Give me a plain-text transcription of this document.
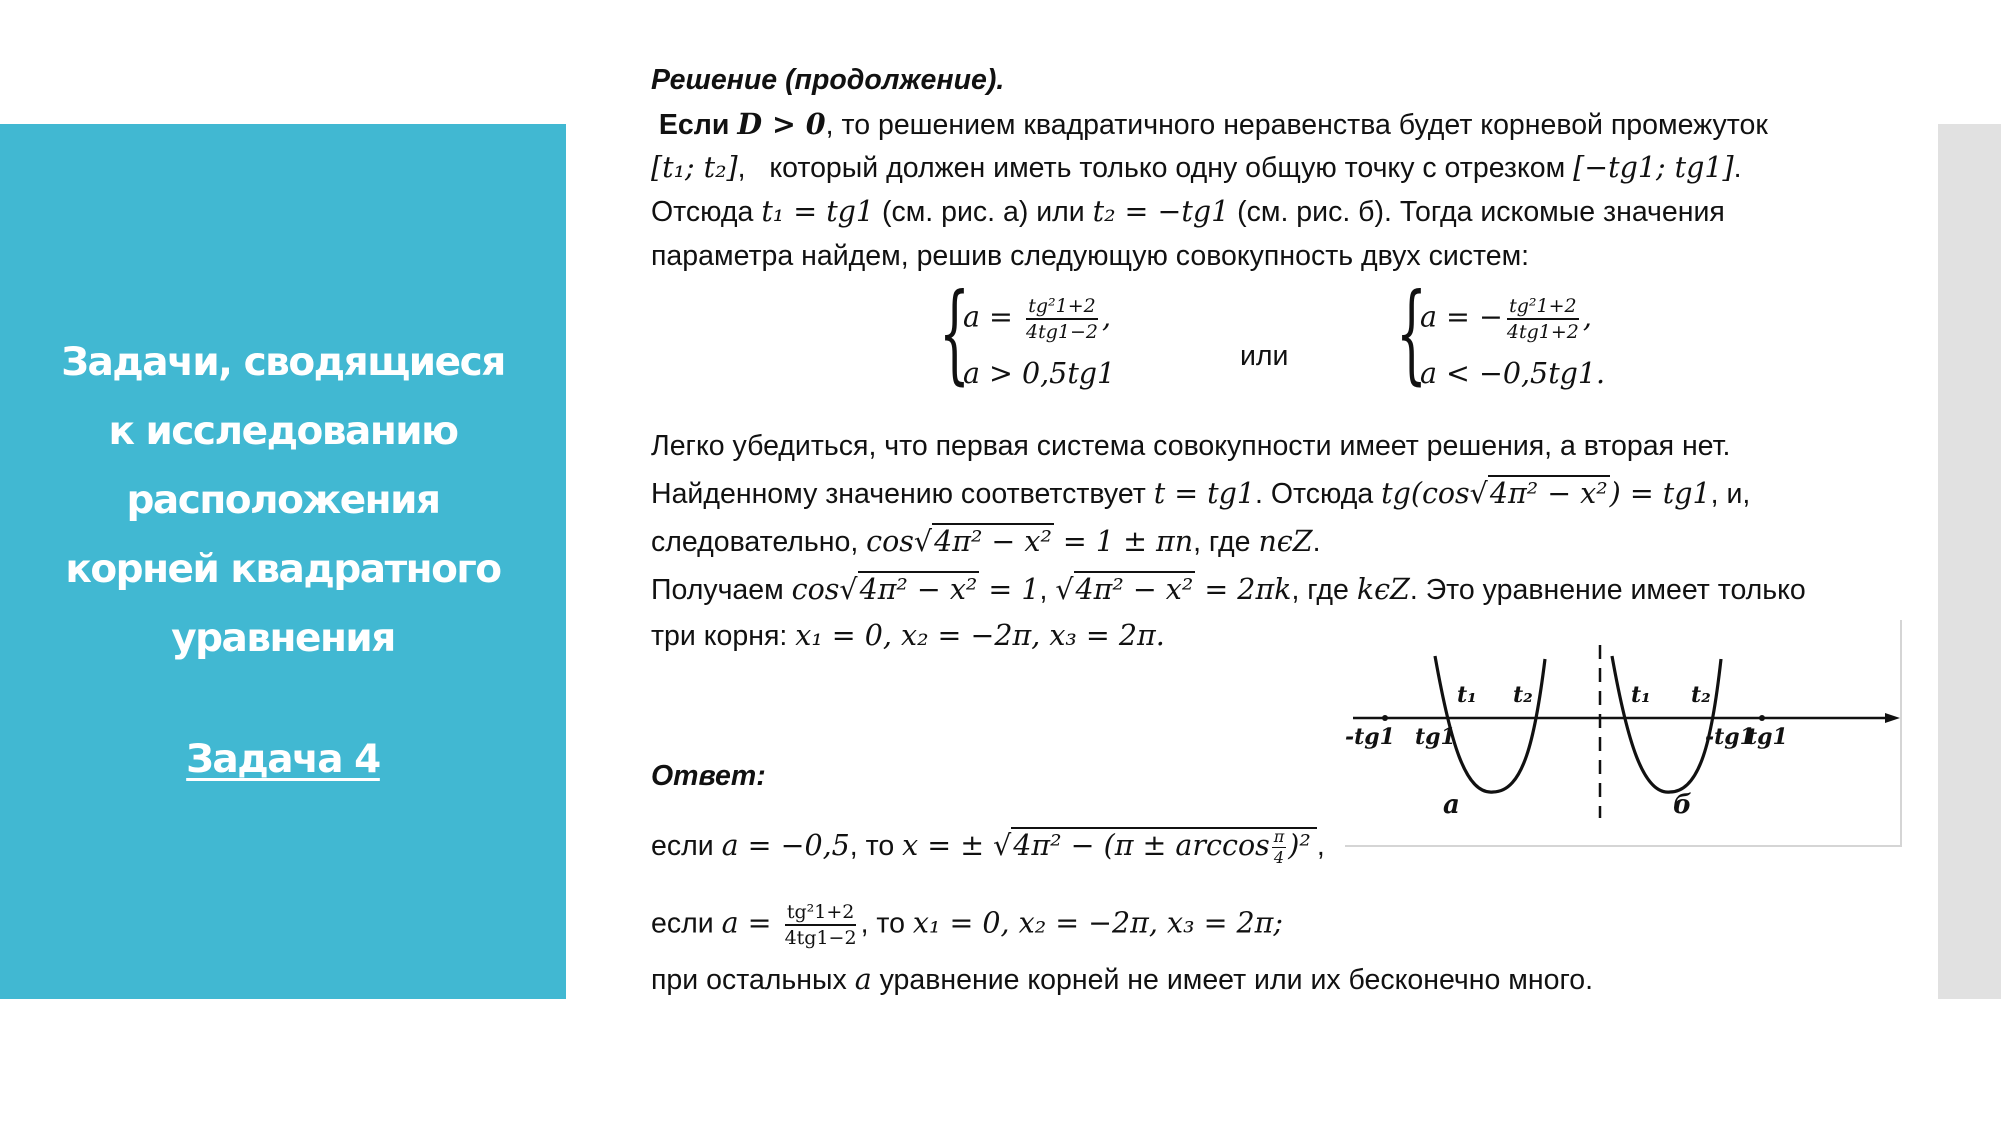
Задачи, сводящиеся
к исследованию
расположения
корней квадратного
уравнения
Задача 4
Решение (продолжение).
Если D > 0, то решением квадратичного неравенства будет корневой промежуток
[t₁; t₂],   который должен иметь только одну общую точку с отрезком [−tg1; tg1].
Отсюда t₁ = tg1 (см. рис. а) или t₂ = −tg1 (см. рис. б). Тогда искомые значения
параметра найдем, решив следующую совокупность двух систем:
{
$a = \frac{\text{tg²1+2}}{4tg1-2}$ ,
a > 0,5tg1
или {
a = − $\frac{\text{tg²1+2}}{4tg1+2}$ ,
a < −0,5tg1.
Легко убедиться, что первая система совокупности имеет решения, а вторая нет.
Найденному значению соответствует t = tg1. Отсюда tg(cos√4π² − x²) = tg1, и,
следовательно, cos√4π² − x² = 1 ± πn, где nϵZ.
Получаем cos√4π² − x² = 1, √4π² − x² = 2πk, где kϵZ. Это уравнение имеет только
три корня: x₁ = 0, x₂ = −2π, x₃ = 2π.
Ответ:
если a = −0,5, то x = ± $√4\pi^2 - (\pi \pm \arccos \frac{\pi}{4} )^2$ ,
если $a = \frac{\text{tg²1+2}}{4tg1-2}$ , то x₁ = 0, x₂ = −2π, x₃ = 2π;
при остальных a уравнение корней не имеет или их бесконечно много.
t₁ t₂
-tg1 tg1
а
t₁ t₂
-tg1
tg1
б
